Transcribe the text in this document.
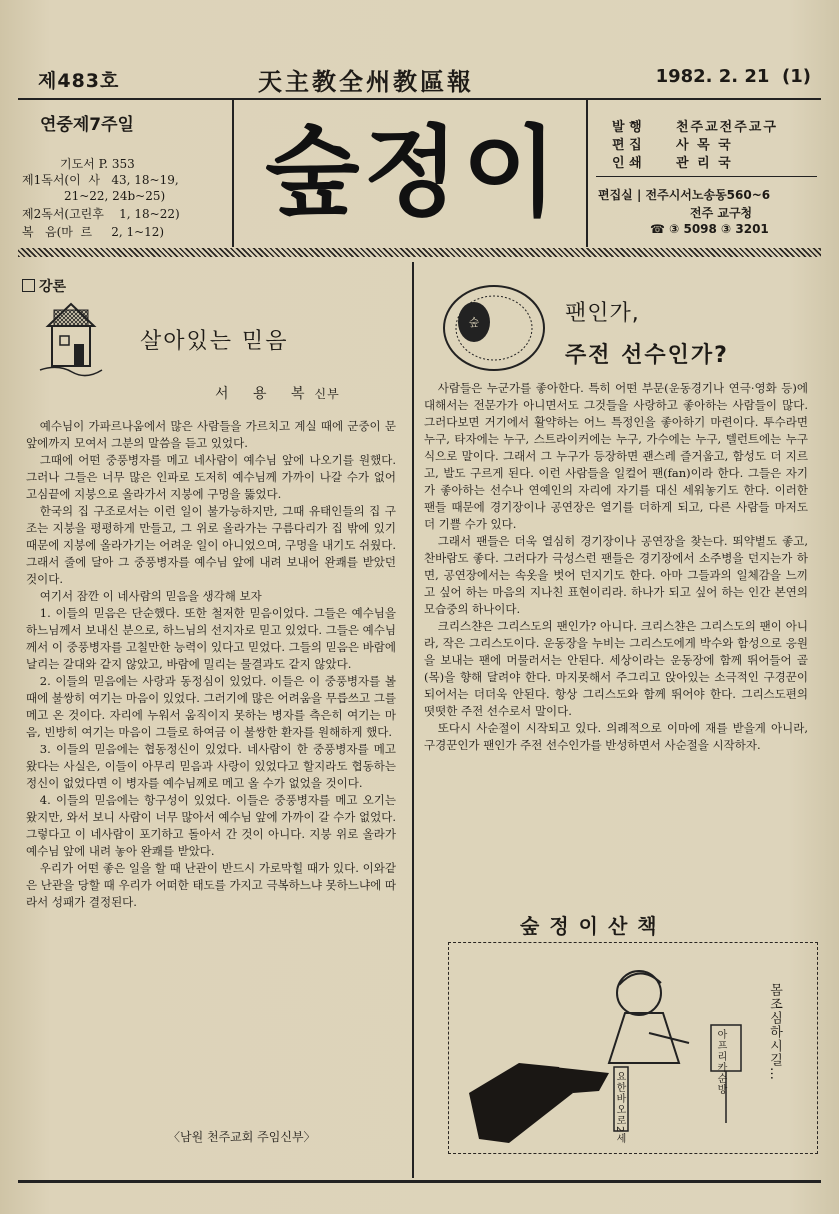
제483호	天主教全州教區報	1982. 2. 21 (1)
연중제7주일
기도서 P. 353
제1독서(이  사   43, 18~19,
21~22, 24b~25)
제2독서(고린후    1, 18~22)
복   음(마  르     2, 1~12)
숲정이	발 행	천주교전주교구
편 집	사 목 국
인 쇄	관 리 국
편집실 | 전주시서노송동560~6
전주 교구청
☎ ③ 5098 ③ 3201
강론
살아있는 믿음
서 용 복신부

예수님이 가파르나움에서 많은 사람들을 가르치고 계실 때에 군중이 문앞에까지 모여서 그분의 말씀을 듣고 있었다.

그때에 어떤 중풍병자를 메고 네사람이 예수님 앞에 나오기를 원했다. 그러나 그들은 너무 많은 인파로 도저히 예수님께 가까이 나갈 수가 없어 고심끝에 지붕으로 올라가서 지붕에 구멍을 뚫었다.

한국의 집 구조로서는 이런 일이 불가능하지만, 그때 유태인들의 집 구조는 지붕을 평평하게 만들고, 그 위로 올라가는 구름다리가 집 밖에 있기 때문에 지붕에 올라가기는 어려운 일이 아니었으며, 구멍을 내기도 쉬웠다. 그래서 줄에 달아 그 중풍병자를 예수님 앞에 내려 보내어 완쾌를 받았던 것이다.

여기서 잠깐 이 네사람의 믿음을 생각해 보자

1. 이들의 믿음은 단순했다. 또한 철저한 믿음이었다. 그들은 예수님을 하느님께서 보내신 분으로, 하느님의 선지자로 믿고 있었다. 그들은 예수님께서 이 중풍병자를 고칠만한 능력이 있다고 믿었다. 그들의 믿음은 바람에 날리는 갈대와 같지 않았고, 바람에 밀리는 물결과도 같지 않았다.

2. 이들의 믿음에는 사랑과 동정심이 있었다. 이들은 이 중풍병자를 볼 때에 불쌍히 여기는 마음이 있었다. 그러기에 많은 어려움을 무릅쓰고 그를 메고 온 것이다. 자리에 누워서 움직이지 못하는 병자를 측은히 여기는 마음, 빈방히 여기는 마음이 그들로 하여금 이 불쌍한 환자를 원해하게 했다.

3. 이들의 믿음에는 협동정신이 있었다. 네사람이 한 중풍병자를 메고 왔다는 사실은, 이들이 아무리 믿음과 사랑이 있었다고 할지라도 협동하는 정신이 없었다면 이 병자를 예수님께로 메고 올 수가 없었을 것이다.

4. 이들의 믿음에는 항구성이 있었다. 이들은 중풍병자를 메고 오기는 왔지만, 와서 보니 사람이 너무 많아서 예수님 앞에 가까이 갈 수가 없었다. 그렇다고 이 네사람이 포기하고 돌아서 간 것이 아니다. 지붕 위로 올라가 예수님 앞에 내려 놓아 완쾌를 받았다.

우리가 어떤 좋은 일을 할 때 난관이 반드시 가로막힐 때가 있다. 이와같은 난관을 당할 때 우리가 어떠한 태도를 가지고 극복하느냐 못하느냐에 따라서 성패가 결정된다.

〈남원 천주교회 주임신부〉
숲	팬인가,
주전 선수인가?

사람들은 누군가를 좋아한다. 특히 어떤 부문(운동경기나 연극·영화 등)에 대해서는 전문가가 아니면서도 그것들을 사랑하고 좋아하는 사람들이 많다. 그러다보면 거기에서 활약하는 어느 특정인을 좋아하기 마련이다. 투수라면 누구, 타자에는 누구, 스트라이커에는 누구, 가수에는 누구, 텔런트에는 누구 식으로 말이다. 그래서 그 누구가 등장하면 괜스레 즐거웁고, 함성도 더 지르고, 발도 구르게 된다. 이런 사람들을 일컬어 팬(fan)이라 한다. 그들은 자기가 좋아하는 선수나 연예인의 자리에 자기를 대신 세워놓기도 한다. 이러한 팬들 때문에 경기장이나 공연장은 열기를 더하게 되고, 다른 사람들 마저도 더 기쁠 수가 있다.

그래서 팬들은 더욱 열심히 경기장이나 공연장을 찾는다. 뙤약볕도 좋고, 찬바람도 좋다. 그러다가 극성스런 팬들은 경기장에서 소주병을 던지는가 하면, 공연장에서는 속옷을 벗어 던지기도 한다. 아마 그들과의 일체감을 느끼고 싶어 하는 마음의 지나친 표현이리라. 하나가 되고 싶어 하는 인간 본연의 모습중의 하나이다.

크리스챤은 그리스도의 팬인가? 아니다. 크리스챤은 그리스도의 팬이 아니라, 작은 그리스도이다. 운동장을 누비는 그리스도에게 박수와 함성으로 응원을 보내는 팬에 머물러서는 안된다. 세상이라는 운동장에 함께 뛰어들어 골(목)을 향해 달려야 한다. 마지못해서 주그리고 앉아있는 소극적인 구경꾼이 되어서는 더더욱 안된다. 항상 그리스도와 함께 뛰어야 한다. 그리스도편의 떳떳한 주전 선수로서 말이다.

또다시 사순절이 시작되고 있다. 의례적으로 이마에 재를 받을게 아니라, 구경꾼인가 팬인가 주전 선수인가를 반성하면서 사순절을 시작하자.

숲정이산책
요한바오로2세
아프리카순방	몸조심하시길…
